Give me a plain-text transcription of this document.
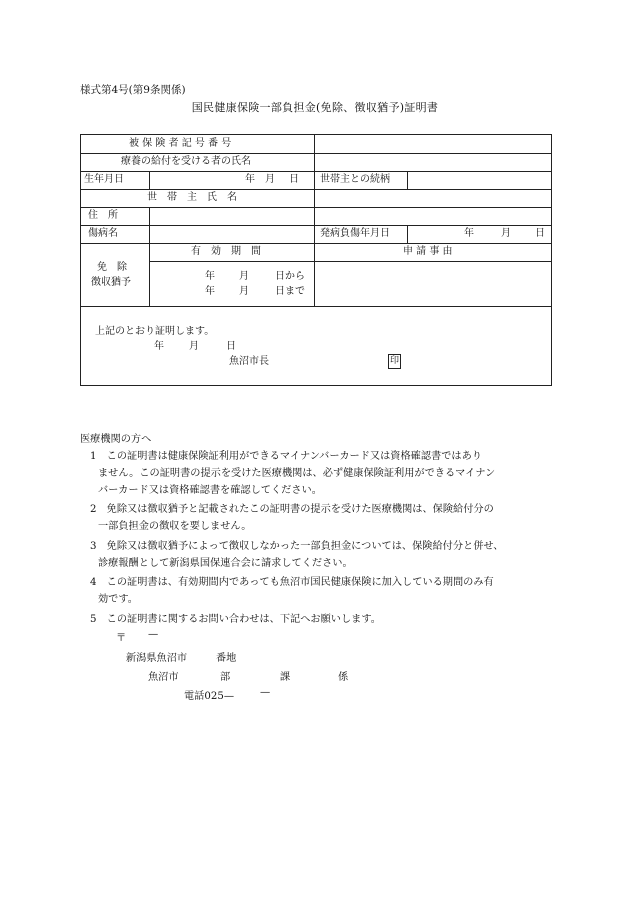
様式第4号(第9条関係)
国民健康保険一部負担金(免除、徴収猶予)証明書
被 保 険 者 記 号 番 号
療養の給付を受ける者の氏名
生年月日	年 月 日 世帯主との続柄
世　帯　主　氏　名
住　所
傷病名	発病負傷年月日	年	月 日
免　除
徴収猶予
有　効　期　間	申 請 事 由
年 月	日から
年 月	日まで
上記のとおり証明します。
年	月	日
魚沼市長	印
医療機関の方へ
1　この証明書は健康保険証利用ができるマイナンバーカード又は資格確認書ではあり
ません。この証明書の提示を受けた医療機関は、必ず健康保険証利用ができるマイナン
バーカード又は資格確認書を確認してください。
2　免除又は徴収猶予と記載されたこの証明書の提示を受けた医療機関は、保険給付分の
一部負担金の徴収を要しません。
3　免除又は徴収猶予によって徴収しなかった一部負担金については、保険給付分と併せ、
診療報酬として新潟県国保連合会に請求してください。
4　この証明書は、有効期間内であっても魚沼市国民健康保険に加入している期間のみ有
効です。
5　この証明書に関するお問い合わせは、下記へお願いします。
〒 —
新潟県魚沼市	番地
魚沼市	部	課	係
電話025—	—
